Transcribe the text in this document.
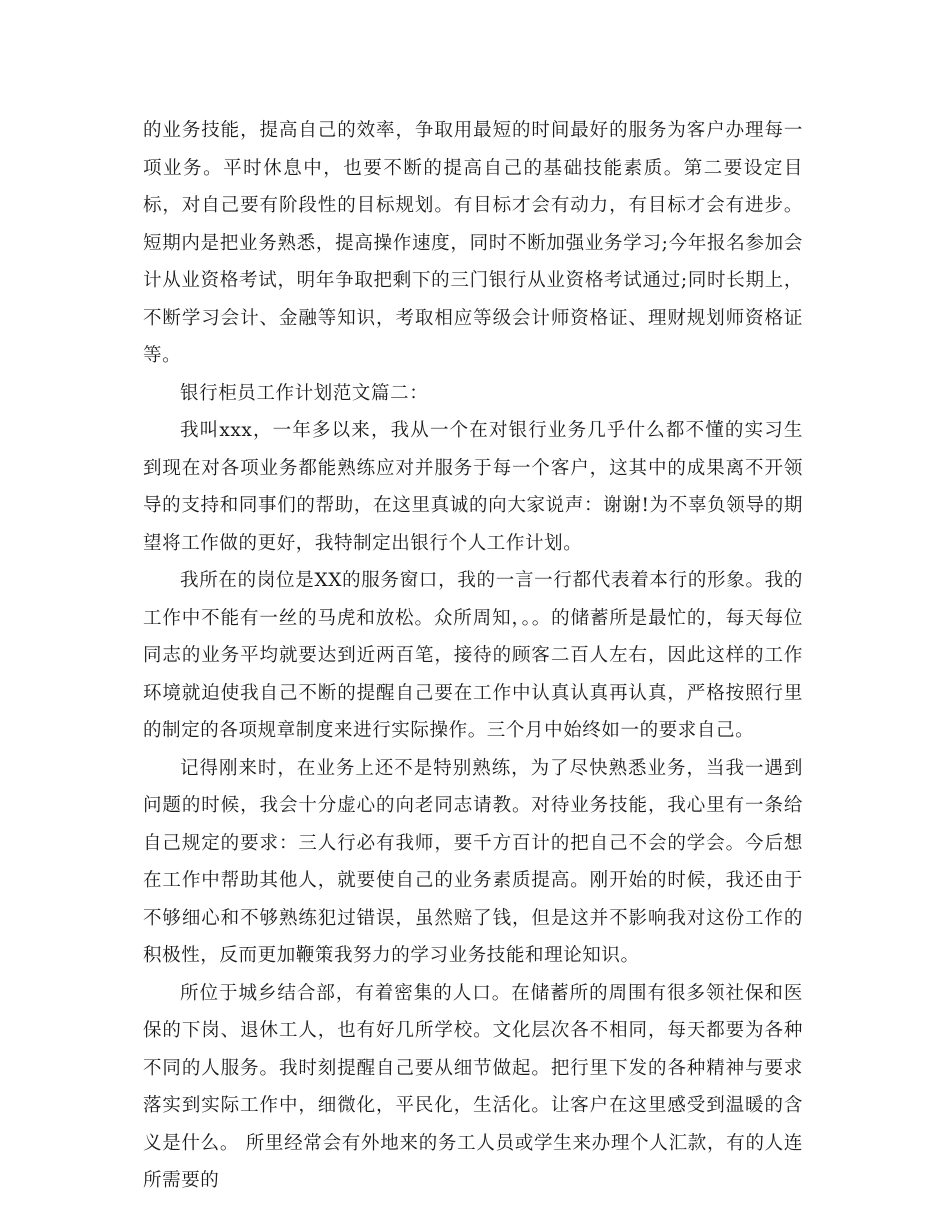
的业务技能，提高自己的效率，争取用最短的时间最好的服务为客户办理每一项业务。平时休息中，也要不断的提高自己的基础技能素质。第二要设定目标，对自己要有阶段性的目标规划。有目标才会有动力，有目标才会有进步。短期内是把业务熟悉，提高操作速度，同时不断加强业务学习;今年报名参加会计从业资格考试，明年争取把剩下的三门银行从业资格考试通过;同时长期上，不断学习会计、金融等知识，考取相应等级会计师资格证、理财规划师资格证等。

银行柜员工作计划范文篇二：

我叫xxx，一年多以来，我从一个在对银行业务几乎什么都不懂的实习生到现在对各项业务都能熟练应对并服务于每一个客户，这其中的成果离不开领导的支持和同事们的帮助，在这里真诚的向大家说声：谢谢!为不辜负领导的期望将工作做的更好，我特制定出银行个人工作计划。

我所在的岗位是XX的服务窗口，我的一言一行都代表着本行的形象。我的工作中不能有一丝的马虎和放松。众所周知，。。的储蓄所是最忙的，每天每位同志的业务平均就要达到近两百笔，接待的顾客二百人左右，因此这样的工作环境就迫使我自己不断的提醒自己要在工作中认真认真再认真，严格按照行里的制定的各项规章制度来进行实际操作。三个月中始终如一的要求自己。

记得刚来时，在业务上还不是特别熟练，为了尽快熟悉业务，当我一遇到问题的时候，我会十分虚心的向老同志请教。对待业务技能，我心里有一条给自己规定的要求：三人行必有我师，要千方百计的把自己不会的学会。今后想在工作中帮助其他人，就要使自己的业务素质提高。刚开始的时候，我还由于不够细心和不够熟练犯过错误，虽然赔了钱，但是这并不影响我对这份工作的积极性，反而更加鞭策我努力的学习业务技能和理论知识。

所位于城乡结合部，有着密集的人口。在储蓄所的周围有很多领社保和医保的下岗、退休工人，也有好几所学校。文化层次各不相同，每天都要为各种不同的人服务。我时刻提醒自己要从细节做起。把行里下发的各种精神与要求落实到实际工作中，细微化，平民化，生活化。让客户在这里感受到温暖的含义是什么。 所里经常会有外地来的务工人员或学生来办理个人汇款，有的人连所需要的
